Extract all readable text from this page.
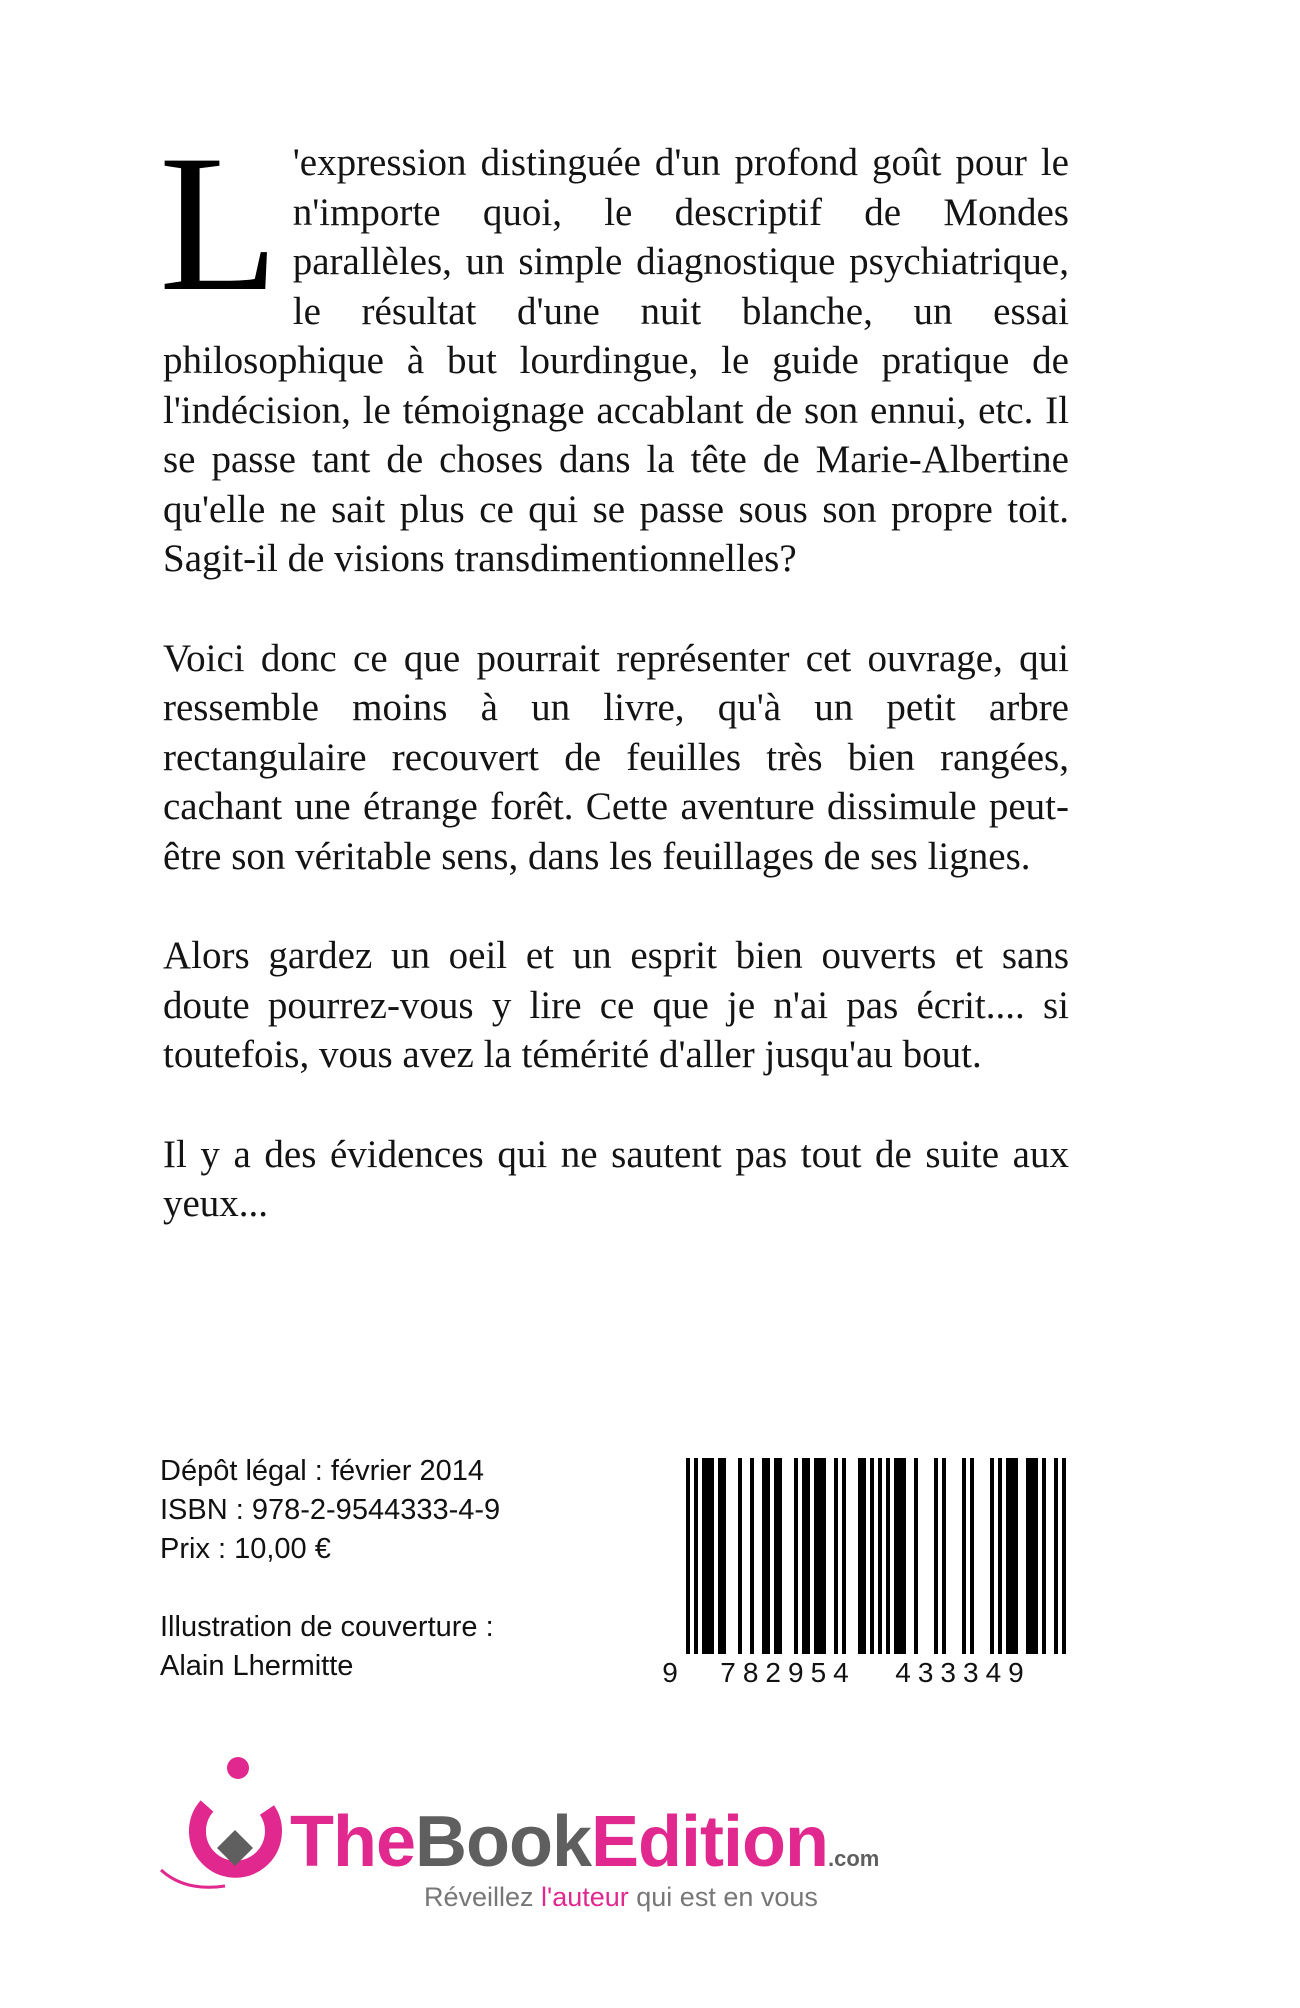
L 'expression distinguée d'un profond goût pour le n'importe quoi, le descriptif de Mondes parallèles, un simple diagnostique psychiatrique, le résultat d'une nuit blanche, un essai philosophique à but lourdingue, le guide pratique de l'indécision, le témoignage accablant de son ennui, etc. Il se passe tant de choses dans la tête de Marie-Albertine qu'elle ne sait plus ce qui se passe sous son propre toit. Sagit-il de visions transdimentionnelles?

Voici donc ce que pourrait représenter cet ouvrage, qui ressemble moins à un livre, qu'à un petit arbre rectangulaire recouvert de feuilles très bien rangées, cachant une étrange forêt. Cette aventure dissimule peut-être son véritable sens, dans les feuillages de ses lignes.

Alors gardez un oeil et un esprit bien ouverts et sans doute pourrez-vous y lire ce que je n'ai pas écrit.... si toutefois, vous avez la témérité d'aller jusqu'au bout.

Il y a des évidences qui ne sautent pas tout de suite aux yeux...

Dépôt légal : février 2014
ISBN : 978-2-9544333-4-9
Prix : 10,00 €
Illustration de couverture :
Alain Lhermitte	9 782954 433349
TheBookEdition.com
Réveillez l'auteur qui est en vous
